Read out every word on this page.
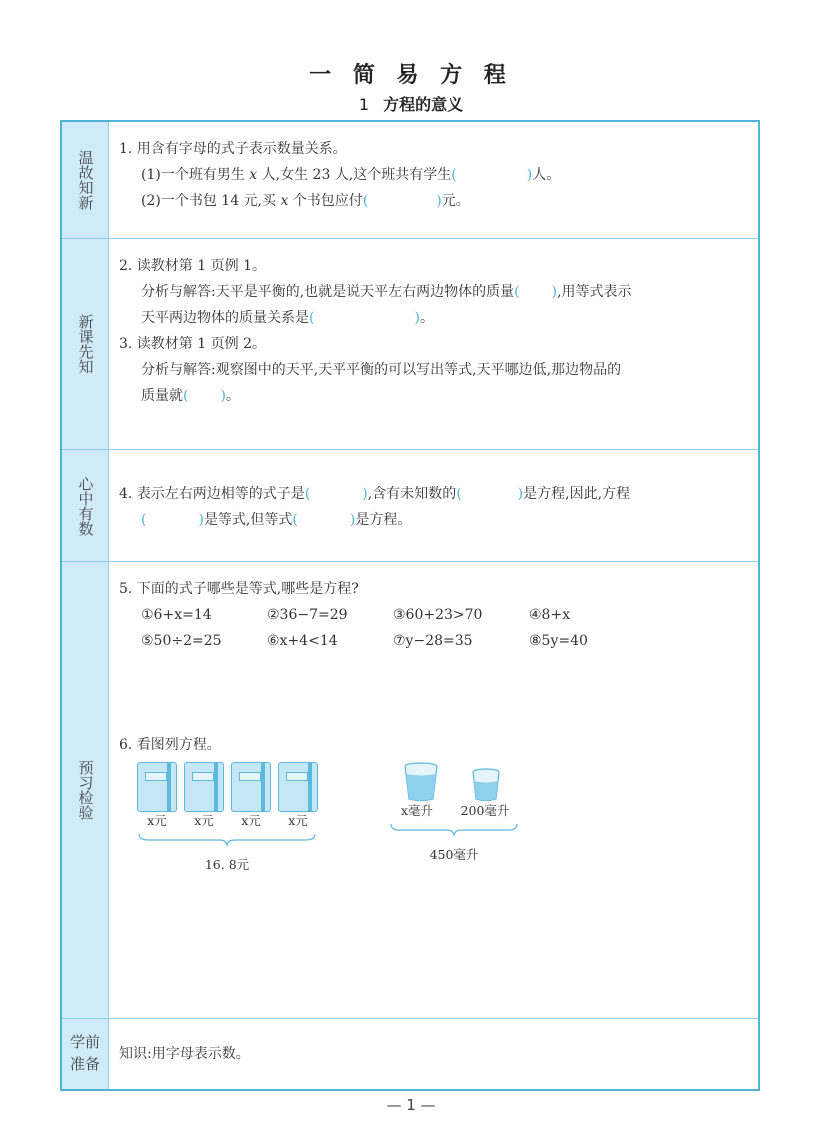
一 简 易 方 程
1 方程的意义
温故知新
1. 用含有字母的式子表示数量关系。
(1)一个班有男生 x 人,女生 23 人,这个班共有学生(	)人。
(2)一个书包 14 元,买 x 个书包应付(	)元。
新课先知
2. 读教材第 1 页例 1。
分析与解答:天平是平衡的,也就是说天平左右两边物体的质量( ),用等式表示
天平两边物体的质量关系是(	)。
3. 读教材第 1 页例 2。
分析与解答:观察图中的天平,天平平衡的可以写出等式,天平哪边低,那边物品的
质量就( )。
心中有数 4. 表示左右两边相等的式子是(	),含有未知数的(	)是方程,因此,方程
(	)是等式,但等式(	)是方程。
预习检验
5. 下面的式子哪些是等式,哪些是方程?
①6+x=14	②36−7=29	③60+23>70	④8+x
⑤50÷2=25	⑥x+4<14	⑦y−28=35	⑧5y=40
6. 看图列方程。
x元	x元	x元	x元
16. 8元
x毫升	200毫升
450毫升
学前准备
知识:用字母表示数。
— 1 —
